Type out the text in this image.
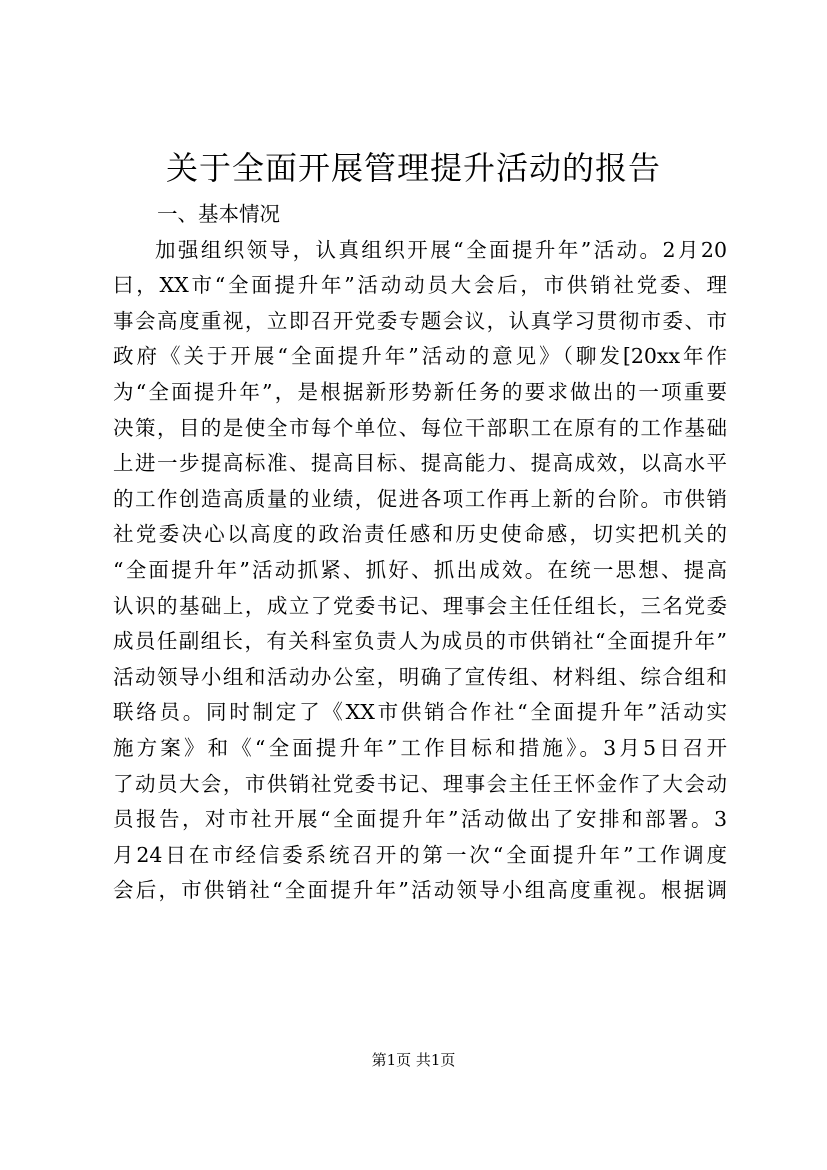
关于全面开展管理提升活动的报告
一、基本情况
加强组织领导，认真组织开展“全面提升年”活动。2月20
曰，XX市“全面提升年”活动动员大会后，市供销社党委、理
事会高度重视，立即召开党委专题会议，认真学习贯彻市委、市
政府《关于开展“全面提升年”活动的意见》（聊发[20xx年作
为“全面提升年”，是根据新形势新任务的要求做出的一项重要
决策，目的是使全市每个单位、每位干部职工在原有的工作基础
上进一步提高标准、提高目标、提高能力、提高成效，以高水平
的工作创造高质量的业绩，促进各项工作再上新的台阶。市供销
社党委决心以高度的政治责任感和历史使命感，切实把机关的
“全面提升年”活动抓紧、抓好、抓出成效。在统一思想、提高
认识的基础上，成立了党委书记、理事会主任任组长，三名党委
成员任副组长，有关科室负责人为成员的市供销社“全面提升年”
活动领导小组和活动办公室，明确了宣传组、材料组、综合组和
联络员。同时制定了《XX市供销合作社“全面提升年”活动实
施方案》和《“全面提升年”工作目标和措施》。3月5日召开
了动员大会，市供销社党委书记、理事会主任王怀金作了大会动
员报告，对市社开展“全面提升年”活动做出了安排和部署。3
月24日在市经信委系统召开的第一次“全面提升年”工作调度
会后，市供销社“全面提升年”活动领导小组高度重视。根据调
第1页 共1页
